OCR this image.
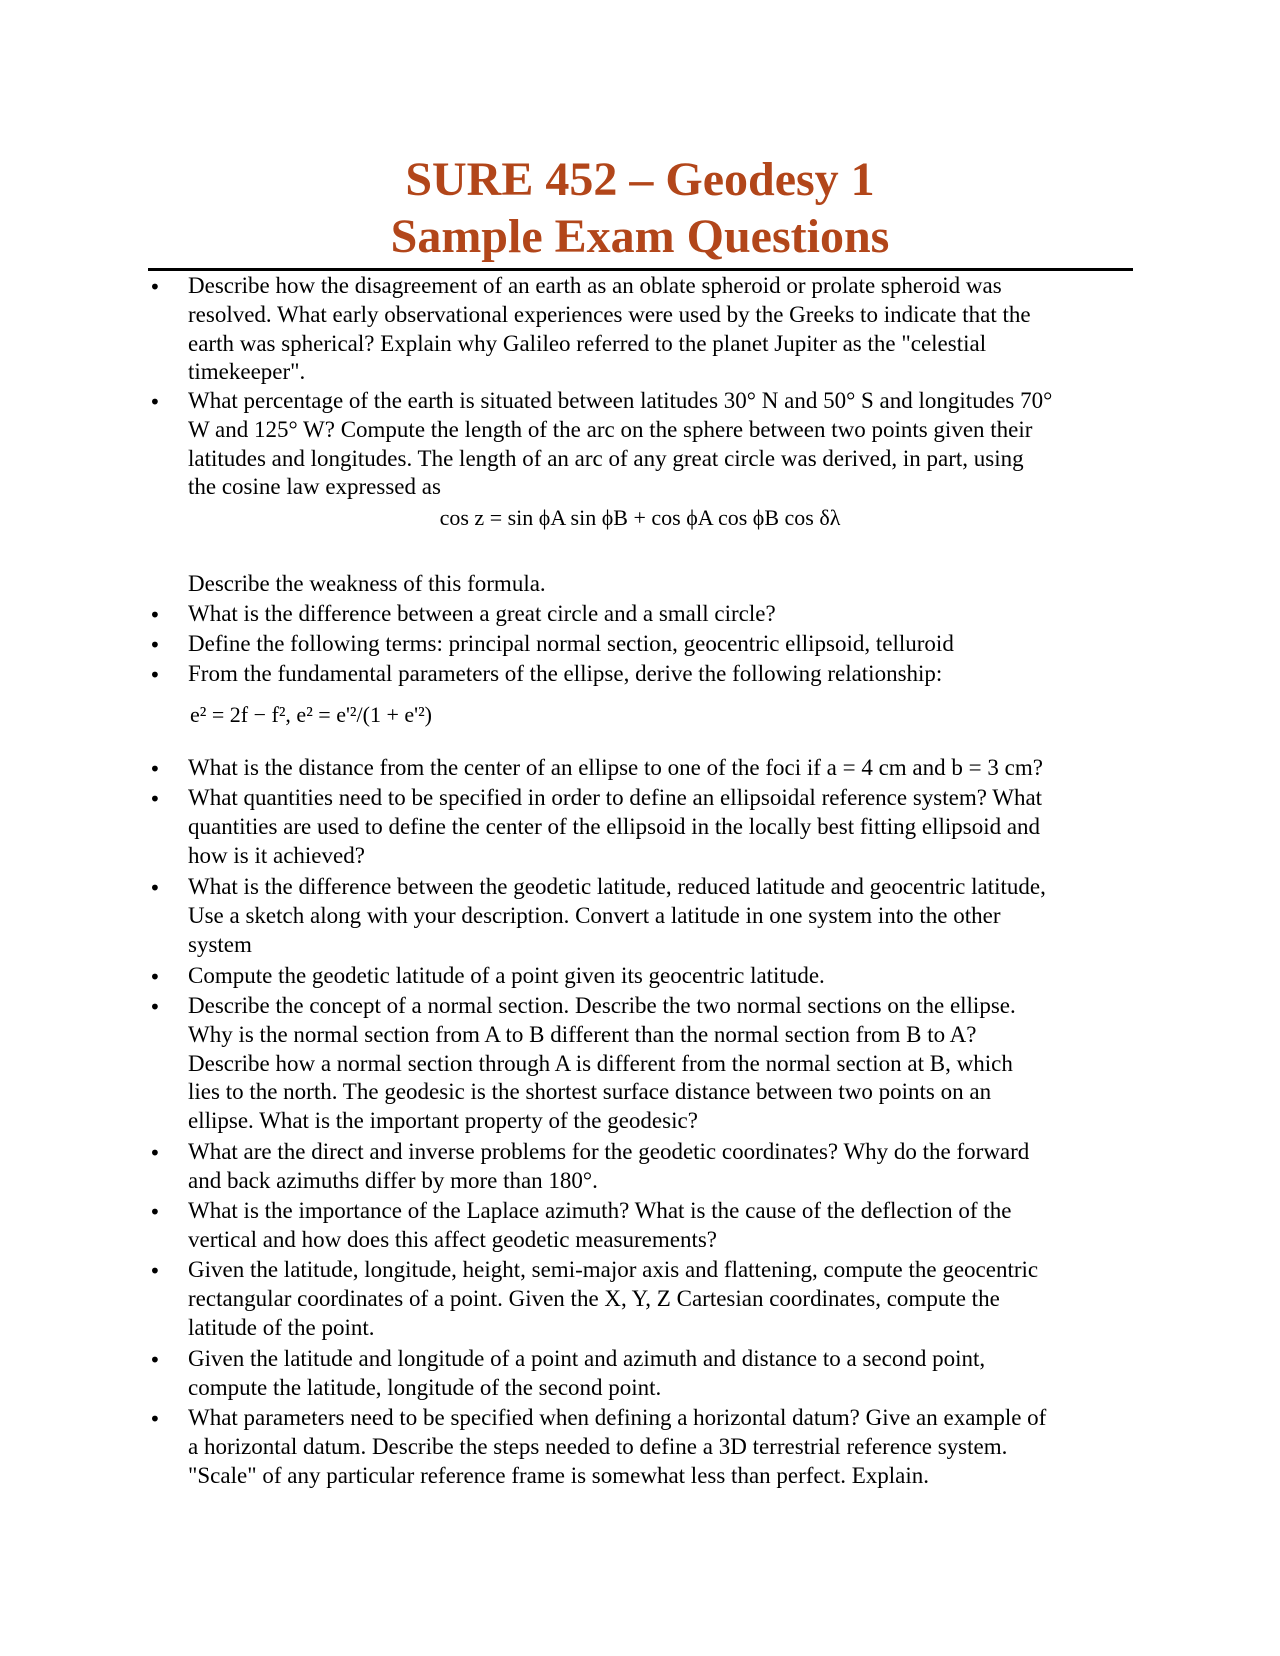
SURE 452 – Geodesy 1
Sample Exam Questions
• Describe how the disagreement of an earth as an oblate spheroid or prolate spheroid was
resolved. What early observational experiences were used by the Greeks to indicate that the
earth was spherical? Explain why Galileo referred to the planet Jupiter as the "celestial
timekeeper".
• What percentage of the earth is situated between latitudes 30° N and 50° S and longitudes 70°
W and 125° W? Compute the length of the arc on the sphere between two points given their
latitudes and longitudes. The length of an arc of any great circle was derived, in part, using
the cosine law expressed as
cos z = sin ϕA sin ϕB + cos ϕA cos ϕB cos δλ
Describe the weakness of this formula.
• What is the difference between a great circle and a small circle?
• Define the following terms: principal normal section, geocentric ellipsoid, telluroid
• From the fundamental parameters of the ellipse, derive the following relationship:
e² = 2f − f², e² = e'²/(1 + e'²)
• What is the distance from the center of an ellipse to one of the foci if a = 4 cm and b = 3 cm?
• What quantities need to be specified in order to define an ellipsoidal reference system? What
quantities are used to define the center of the ellipsoid in the locally best fitting ellipsoid and
how is it achieved?
• What is the difference between the geodetic latitude, reduced latitude and geocentric latitude,
Use a sketch along with your description. Convert a latitude in one system into the other
system
• Compute the geodetic latitude of a point given its geocentric latitude.
• Describe the concept of a normal section. Describe the two normal sections on the ellipse.
Why is the normal section from A to B different than the normal section from B to A?
Describe how a normal section through A is different from the normal section at B, which
lies to the north. The geodesic is the shortest surface distance between two points on an
ellipse. What is the important property of the geodesic?
• What are the direct and inverse problems for the geodetic coordinates? Why do the forward
and back azimuths differ by more than 180°.
• What is the importance of the Laplace azimuth? What is the cause of the deflection of the
vertical and how does this affect geodetic measurements?
• Given the latitude, longitude, height, semi-major axis and flattening, compute the geocentric
rectangular coordinates of a point. Given the X, Y, Z Cartesian coordinates, compute the
latitude of the point.
• Given the latitude and longitude of a point and azimuth and distance to a second point,
compute the latitude, longitude of the second point.
• What parameters need to be specified when defining a horizontal datum? Give an example of
a horizontal datum. Describe the steps needed to define a 3D terrestrial reference system.
"Scale" of any particular reference frame is somewhat less than perfect. Explain.
